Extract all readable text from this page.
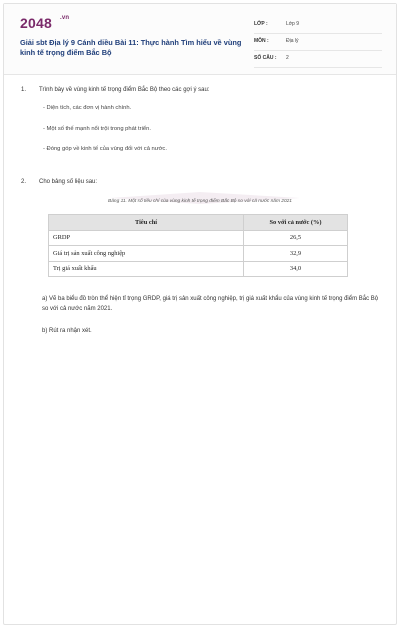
2048 .vn
Giải sbt Địa lý 9 Cánh diều Bài 11: Thực hành Tìm hiểu về vùng kinh tế trọng điểm Bắc Bộ
LỚP :	Lớp 9
MÔN :	Địa lý
SỐ CÂU : 2
1. Trình bày về vùng kinh tế trọng điểm Bắc Bộ theo các gợi ý sau:
- Diện tích, các đơn vị hành chính.
- Một số thế mạnh nổi trội trong phát triển.
- Đóng góp về kinh tế của vùng đối với cả nước.
2. Cho bảng số liệu sau:
Bảng 11. Một số tiêu chí của vùng kinh tế trọng điểm Bắc Bộ so với cả nước năm 2021
Tiêu chí	So với cả nước (%)
GRDP	26,5
Giá trị sản xuất công nghiệp	32,9
Trị giá xuất khẩu	34,0
a) Vẽ ba biểu đồ tròn thể hiện tỉ trọng GRDP, giá trị sản xuất công nghiệp, trị giá xuất khẩu của vùng kinh tế trọng điểm Bắc Bộ so với cả nước năm 2021.
b) Rút ra nhận xét.
